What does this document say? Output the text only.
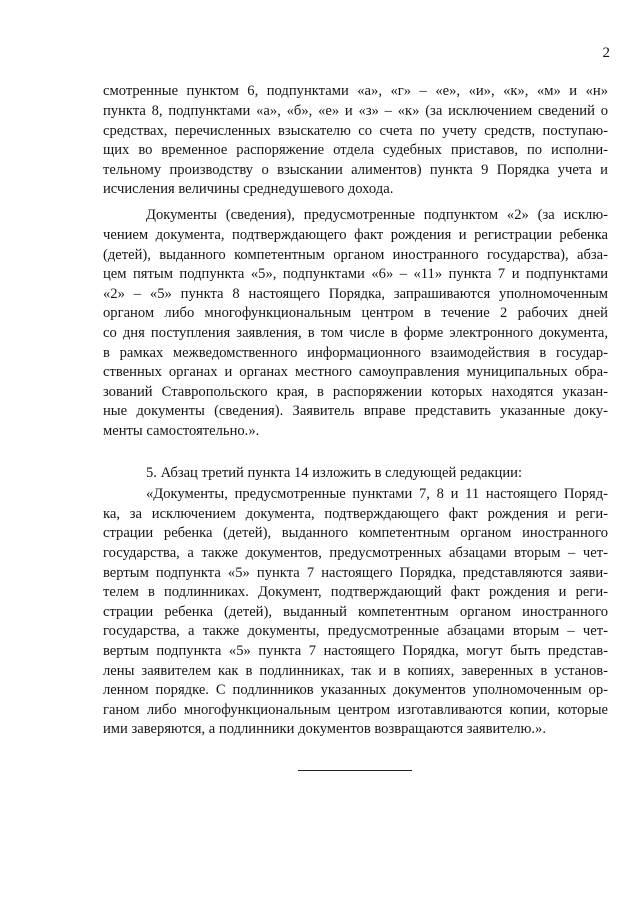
2
смотренные пунктом 6, подпунктами «а», «г» – «е», «и», «к», «м» и «н»
пункта 8, подпунктами «а», «б», «е» и «з» – «к» (за исключением сведений о
средствах, перечисленных взыскателю со счета по учету средств, поступаю-
щих во временное распоряжение отдела судебных приставов, по исполни-
тельному производству о взыскании алиментов) пункта 9 Порядка учета и
исчисления величины среднедушевого дохода.
Документы (сведения), предусмотренные подпунктом «2» (за исклю-
чением документа, подтверждающего факт рождения и регистрации ребенка
(детей), выданного компетентным органом иностранного государства), абза-
цем пятым подпункта «5», подпунктами «6» – «11» пункта 7 и подпунктами
«2» – «5» пункта 8 настоящего Порядка, запрашиваются уполномоченным
органом либо многофункциональным центром в течение 2 рабочих дней
со дня поступления заявления, в том числе в форме электронного документа,
в рамках межведомственного информационного взаимодействия в государ-
ственных органах и органах местного самоуправления муниципальных обра-
зований Ставропольского края, в распоряжении которых находятся указан-
ные документы (сведения). Заявитель вправе представить указанные доку-
менты самостоятельно.».
5. Абзац третий пункта 14 изложить в следующей редакции:
«Документы, предусмотренные пунктами 7, 8 и 11 настоящего Поряд-
ка, за исключением документа, подтверждающего факт рождения и реги-
страции ребенка (детей), выданного компетентным органом иностранного
государства, а также документов, предусмотренных абзацами вторым – чет-
вертым подпункта «5» пункта 7 настоящего Порядка, представляются заяви-
телем в подлинниках. Документ, подтверждающий факт рождения и реги-
страции ребенка (детей), выданный компетентным органом иностранного
государства, а также документы, предусмотренные абзацами вторым – чет-
вертым подпункта «5» пункта 7 настоящего Порядка, могут быть представ-
лены заявителем как в подлинниках, так и в копиях, заверенных в установ-
ленном порядке. С подлинников указанных документов уполномоченным ор-
ганом либо многофункциональным центром изготавливаются копии, которые
ими заверяются, а подлинники документов возвращаются заявителю.».
